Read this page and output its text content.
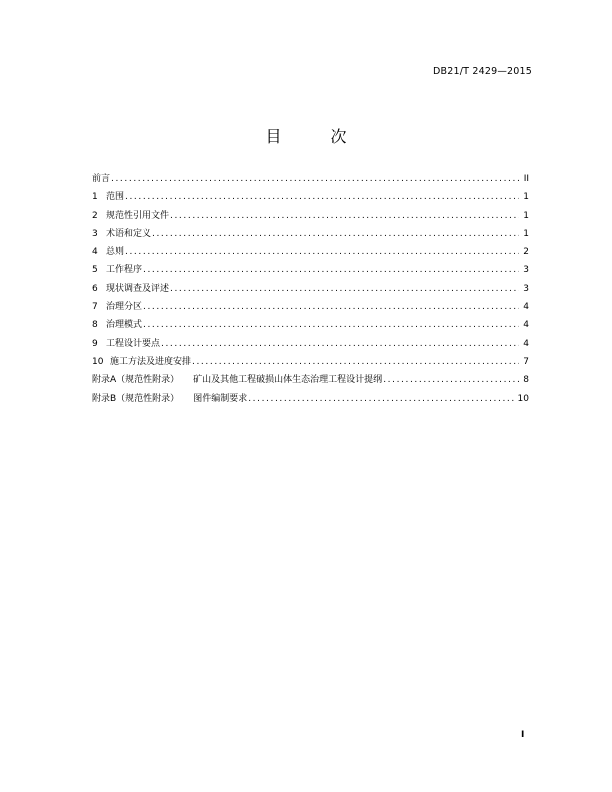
DB21/T 2429—2015
目 次
前言 .....	II
1 范围 .....	1
2 规范性引用文件 .....	1
3 术语和定义 .....	1
4 总则 .....	2
5 工作程序 .....	3
6 现状调查及评述 .....	3
7 治理分区 .....	4
8 治理模式 .....	4
9 工程设计要点 .....	4
10 施工方法及进度安排 .....	7
附录A（规范性附录） 矿山及其他工程破损山体生态治理工程设计提纲 .....	8
附录B（规范性附录） 图件编制要求 .....	10
I
